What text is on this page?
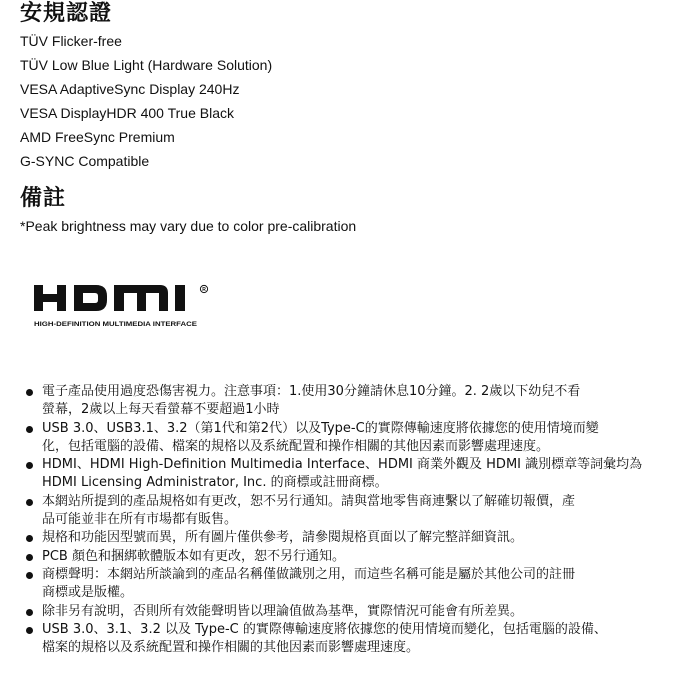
安規認證
TÜV Flicker-free
TÜV Low Blue Light (Hardware Solution)
VESA AdaptiveSync Display 240Hz
VESA DisplayHDR 400 True Black
AMD FreeSync Premium
G-SYNC Compatible
備註
*Peak brightness may vary due to color pre-calibration
R
HIGH-DEFINITION MULTIMEDIA INTERFACE
電子產品使用過度恐傷害視力。注意事項：1.使用30分鐘請休息10分鐘。2. 2歲以下幼兒不看
螢幕，2歲以上每天看螢幕不要超過1小時
USB 3.0、USB3.1、3.2（第1代和第2代）以及Type-C的實際傳輸速度將依據您的使用情境而變
化，包括電腦的設備、檔案的規格以及系統配置和操作相關的其他因素而影響處理速度。
HDMI、HDMI High-Definition Multimedia Interface、HDMI 商業外觀及 HDMI 識別標章等詞彙均為
HDMI Licensing Administrator, Inc. 的商標或註冊商標。
本網站所提到的產品規格如有更改，恕不另行通知。請與當地零售商連繫以了解確切報價，產
品可能並非在所有市場都有販售。
規格和功能因型號而異，所有圖片僅供參考，請參閱規格頁面以了解完整詳細資訊。
PCB 顏色和捆綁軟體版本如有更改，恕不另行通知。
商標聲明：本網站所談論到的產品名稱僅做識別之用，而這些名稱可能是屬於其他公司的註冊
商標或是版權。
除非另有說明，否則所有效能聲明皆以理論值做為基準，實際情況可能會有所差異。
USB 3.0、3.1、3.2 以及 Type-C 的實際傳輸速度將依據您的使用情境而變化，包括電腦的設備、
檔案的規格以及系統配置和操作相關的其他因素而影響處理速度。
